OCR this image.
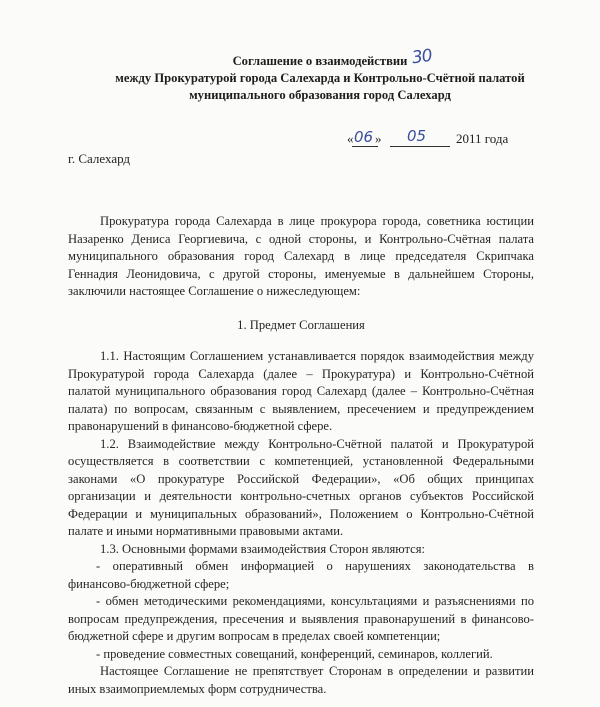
Соглашение о взаимодействии 30
между Прокуратурой города Салехарда и Контрольно-Счётной палатой
муниципального образования город Салехард
« 06 » 05 2011 года
г. Салехард

Прокуратура города Салехарда в лице прокурора города, советника юстиции Назаренко Дениса Георгиевича, с одной стороны, и Контрольно-Счётная палата муниципального образования город Салехард в лице председателя Скрипчака Геннадия Леонидовича, с другой стороны, именуемые в дальнейшем Стороны, заключили настоящее Соглашение о нижеследующем:

1. Предмет Соглашения

1.1. Настоящим Соглашением устанавливается порядок взаимодействия между Прокуратурой города Салехарда (далее – Прокуратура) и Контрольно-Счётной палатой муниципального образования город Салехард (далее – Контрольно-Счётная палата) по вопросам, связанным с выявлением, пресечением и предупреждением правонарушений в финансово-бюджетной сфере.

1.2. Взаимодействие между Контрольно-Счётной палатой и Прокуратурой осуществляется в соответствии с компетенцией, установленной Федеральными законами «О прокуратуре Российской Федерации», «Об общих принципах организации и деятельности контрольно-счетных органов субъектов Российской Федерации и муниципальных образований», Положением о Контрольно-Счётной палате и иными нормативными правовыми актами.

1.3. Основными формами взаимодействия Сторон являются:

- оперативный обмен информацией о нарушениях законодательства в финансово-бюджетной сфере;

- обмен методическими рекомендациями, консультациями и разъяснениями по вопросам предупреждения, пресечения и выявления правонарушений в финансово-бюджетной сфере и другим вопросам в пределах своей компетенции;

- проведение совместных совещаний, конференций, семинаров, коллегий.

Настоящее Соглашение не препятствует Сторонам в определении и развитии иных взаимоприемлемых форм сотрудничества.
